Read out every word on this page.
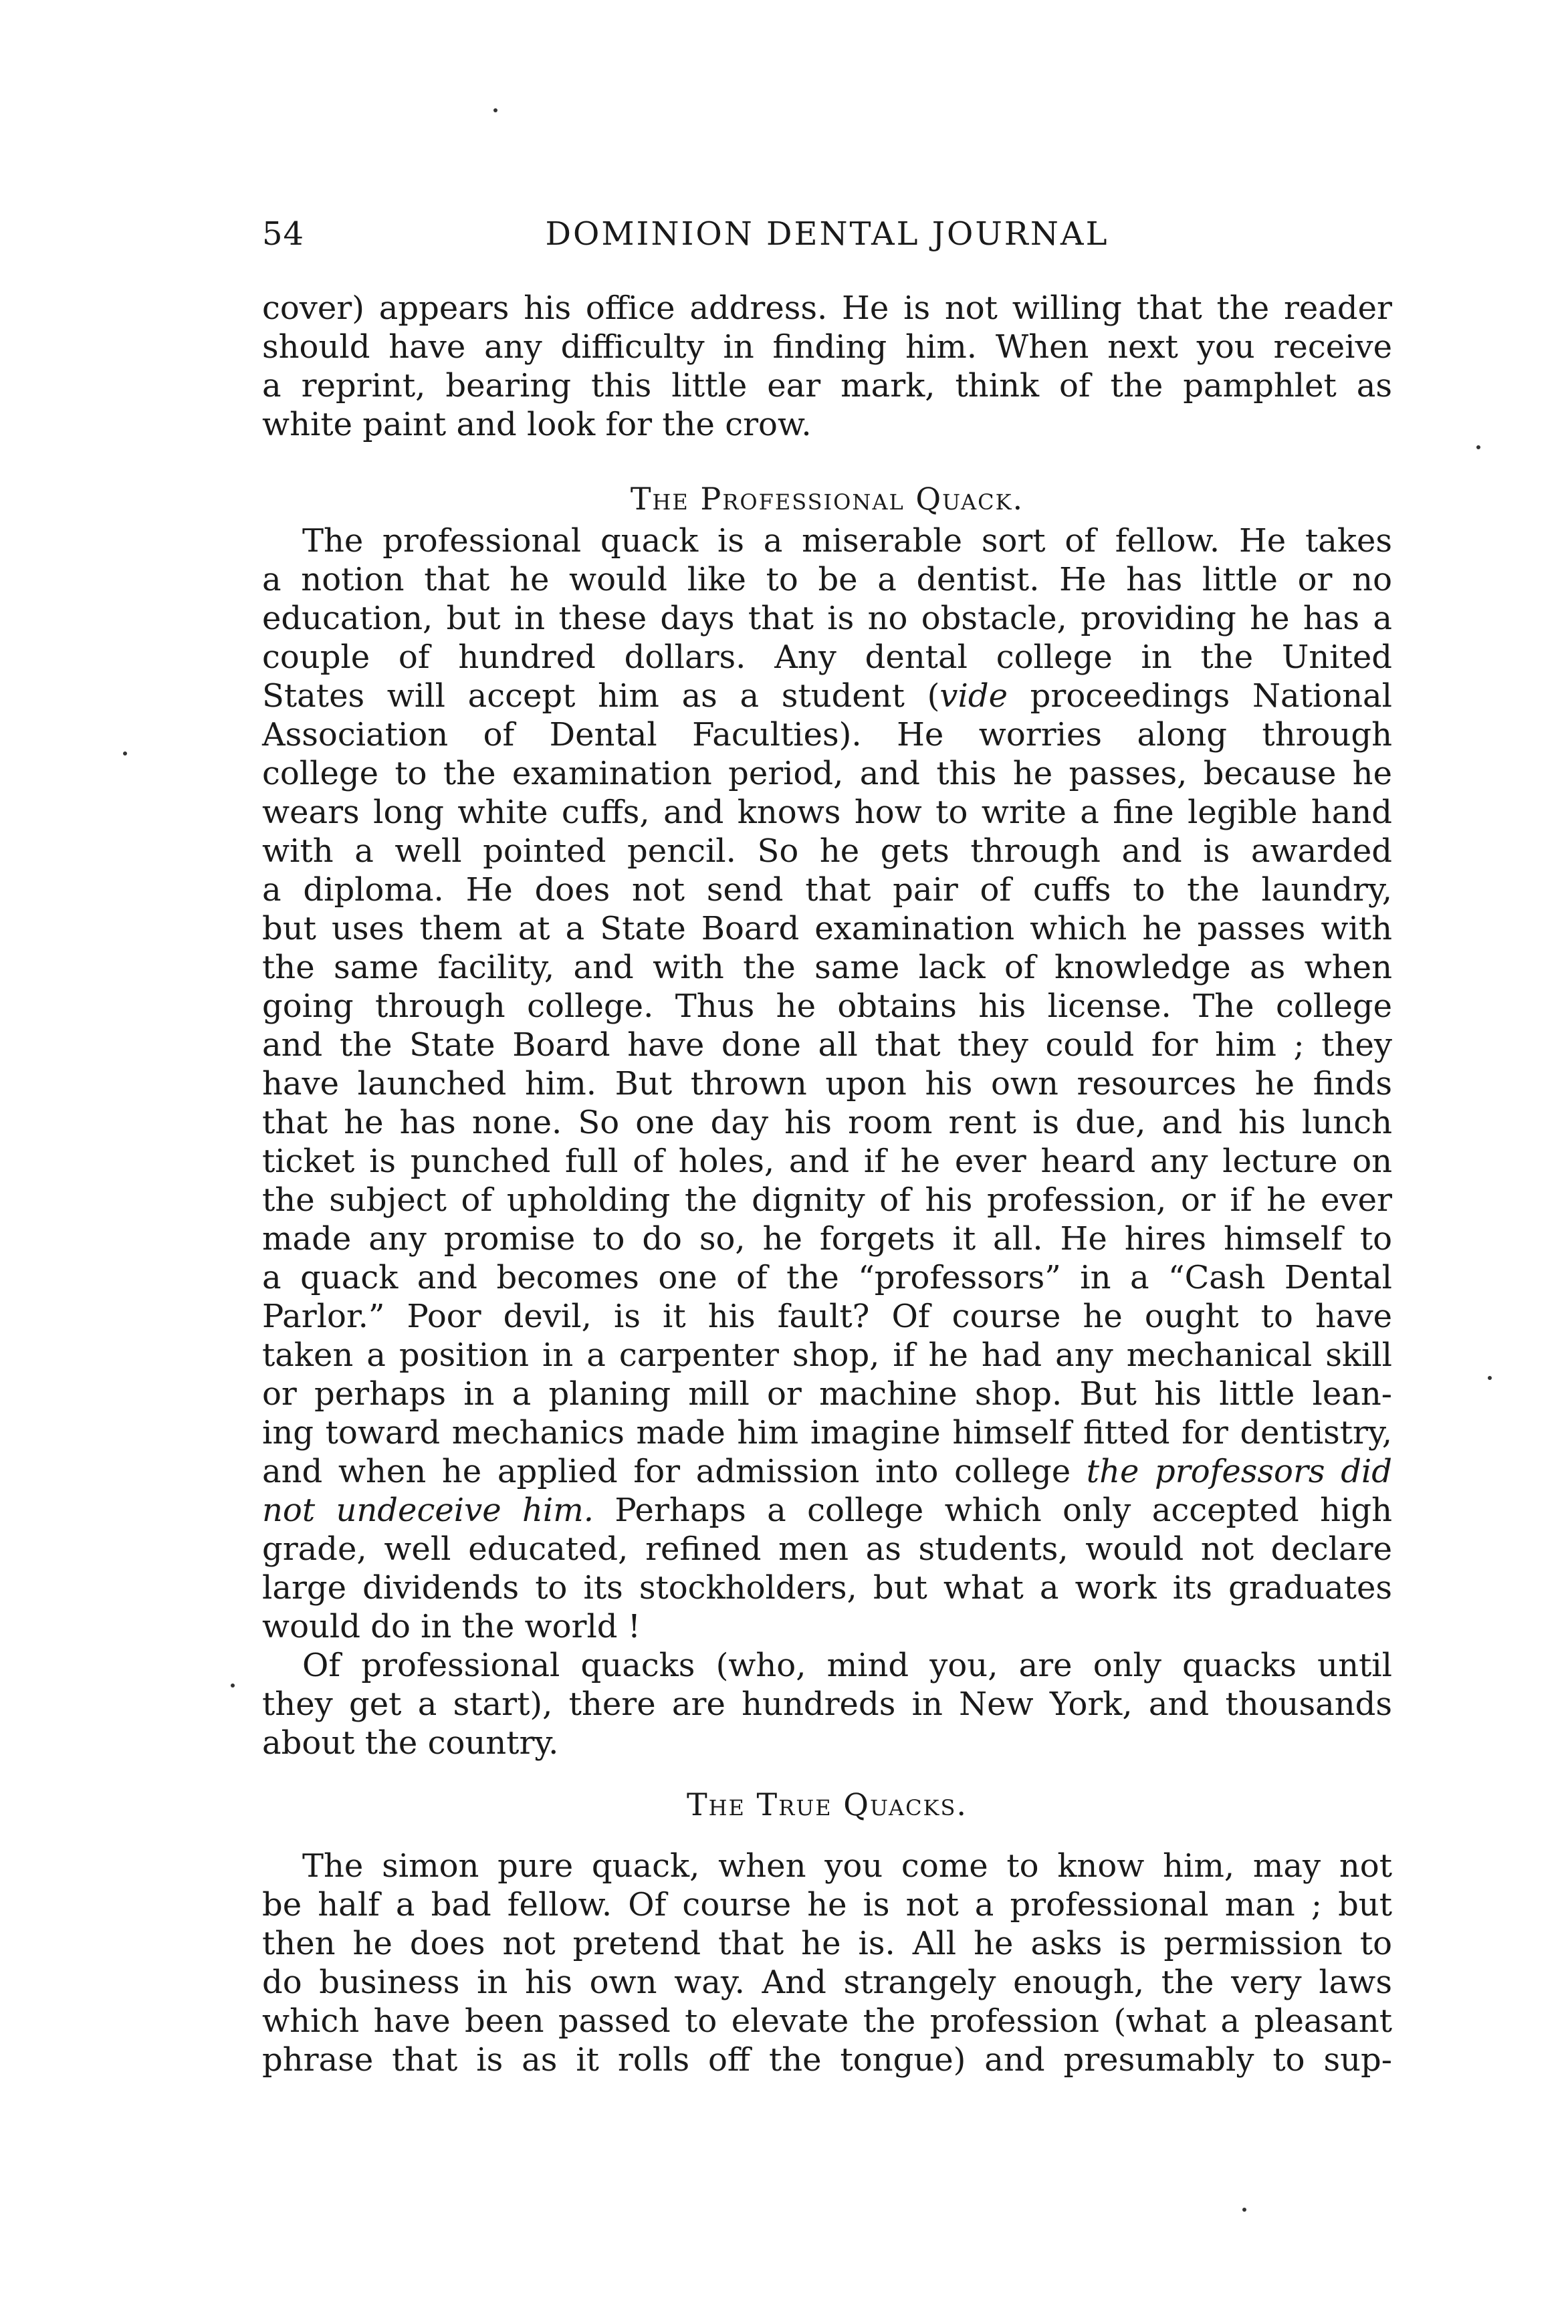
54	DOMINION DENTAL JOURNAL
cover) appears his office address. He is not willing that the reader
should have any difficulty in finding him. When next you receive
a reprint, bearing this little ear mark, think of the pamphlet as
white paint and look for the crow.
The Professional Quack.
The professional quack is a miserable sort of fellow. He takes
a notion that he would like to be a dentist. He has little or no
education, but in these days that is no obstacle, providing he has a
couple of hundred dollars. Any dental college in the United
States will accept him as a student (vide proceedings National
Association of Dental Faculties). He worries along through
college to the examination period, and this he passes, because he
wears long white cuffs, and knows how to write a fine legible hand
with a well pointed pencil. So he gets through and is awarded
a diploma. He does not send that pair of cuffs to the laundry,
but uses them at a State Board examination which he passes with
the same facility, and with the same lack of knowledge as when
going through college. Thus he obtains his license. The college
and the State Board have done all that they could for him ; they
have launched him. But thrown upon his own resources he finds
that he has none. So one day his room rent is due, and his lunch
ticket is punched full of holes, and if he ever heard any lecture on
the subject of upholding the dignity of his profession, or if he ever
made any promise to do so, he forgets it all. He hires himself to
a quack and becomes one of the “professors” in a “Cash Dental
Parlor.” Poor devil, is it his fault? Of course he ought to have
taken a position in a carpenter shop, if he had any mechanical skill
or perhaps in a planing mill or machine shop. But his little lean-
ing toward mechanics made him imagine himself fitted for dentistry,
and when he applied for admission into college the professors did
not undeceive him. Perhaps a college which only accepted high
grade, well educated, refined men as students, would not declare
large dividends to its stockholders, but what a work its graduates
would do in the world !
Of professional quacks (who, mind you, are only quacks until
they get a start), there are hundreds in New York, and thousands
about the country.
The True Quacks.
The simon pure quack, when you come to know him, may not
be half a bad fellow. Of course he is not a professional man ; but
then he does not pretend that he is. All he asks is permission to
do business in his own way. And strangely enough, the very laws
which have been passed to elevate the profession (what a pleasant
phrase that is as it rolls off the tongue) and presumably to sup-
